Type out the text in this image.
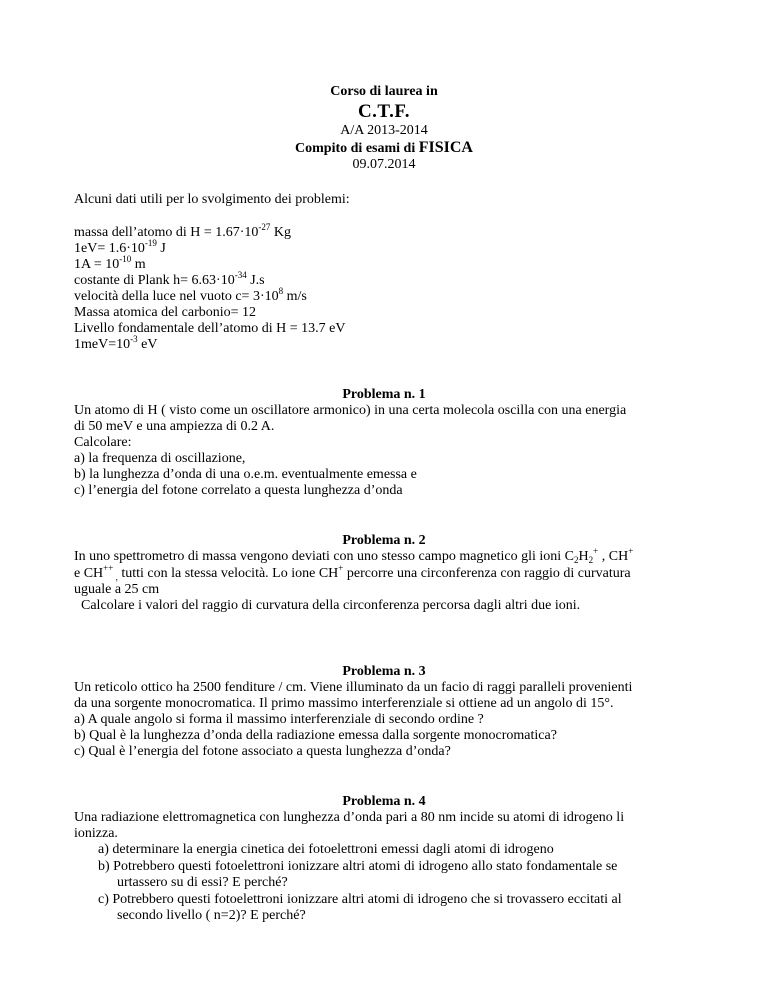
Corso di laurea in
C.T.F.
A/A 2013-2014
Compito di esami di FISICA
09.07.2014
Alcuni dati utili per lo svolgimento dei problemi:
massa dell’atomo di $H = 1.67\cdot 10^{-27}$ Kg
$1eV= 1.6\cdot 10^{-19}$ J
$1A = 10^{-10}$ m
costante di Plank $h= 6.63\cdot 10^{-34}$ J.s
velocità della luce nel vuoto $c= 3\cdot 10^8$ m/s
Massa atomica del carbonio= 12
Livello fondamentale dell’atomo di H = 13.7 eV
$1meV=10^{-3}$ eV
Problema n. 1
Un atomo di H ( visto come un oscillatore armonico) in una certa molecola oscilla con una energia
di 50 meV e una ampiezza di 0.2 A.
Calcolare:
a) la frequenza di oscillazione,
b) la lunghezza d’onda di una o.e.m. eventualmente emessa e
c) l’energia del fotone correlato a questa lunghezza d’onda
Problema n. 2
In uno spettrometro di massa vengono deviati con uno stesso campo magnetico gli ioni $C_2H_2^+$ , CH+
e CH++ $_,$ tutti con la stessa velocità. Lo ione CH+ percorre una circonferenza con raggio di curvatura
uguale a 25 cm
Calcolare i valori del raggio di curvatura della circonferenza percorsa dagli altri due ioni.
Problema n. 3
Un reticolo ottico ha 2500 fenditure / cm. Viene illuminato da un facio di raggi paralleli provenienti
da una sorgente monocromatica. Il primo massimo interferenziale si ottiene ad un angolo di 15°.
a) A quale angolo si forma il massimo interferenziale di secondo ordine ?
b) Qual è la lunghezza d’onda della radiazione emessa dalla sorgente monocromatica?
c) Qual è l’energia del fotone associato a questa lunghezza d’onda?
Problema n. 4
Una radiazione elettromagnetica con lunghezza d’onda pari a 80 nm incide su atomi di idrogeno li
ionizza.
a) determinare la energia cinetica dei fotoelettroni emessi dagli atomi di idrogeno
b) Potrebbero questi fotoelettroni ionizzare altri atomi di idrogeno allo stato fondamentale se
urtassero su di essi? E perché?
c) Potrebbero questi fotoelettroni ionizzare altri atomi di idrogeno che si trovassero eccitati al
secondo livello ( n=2)? E perché?
